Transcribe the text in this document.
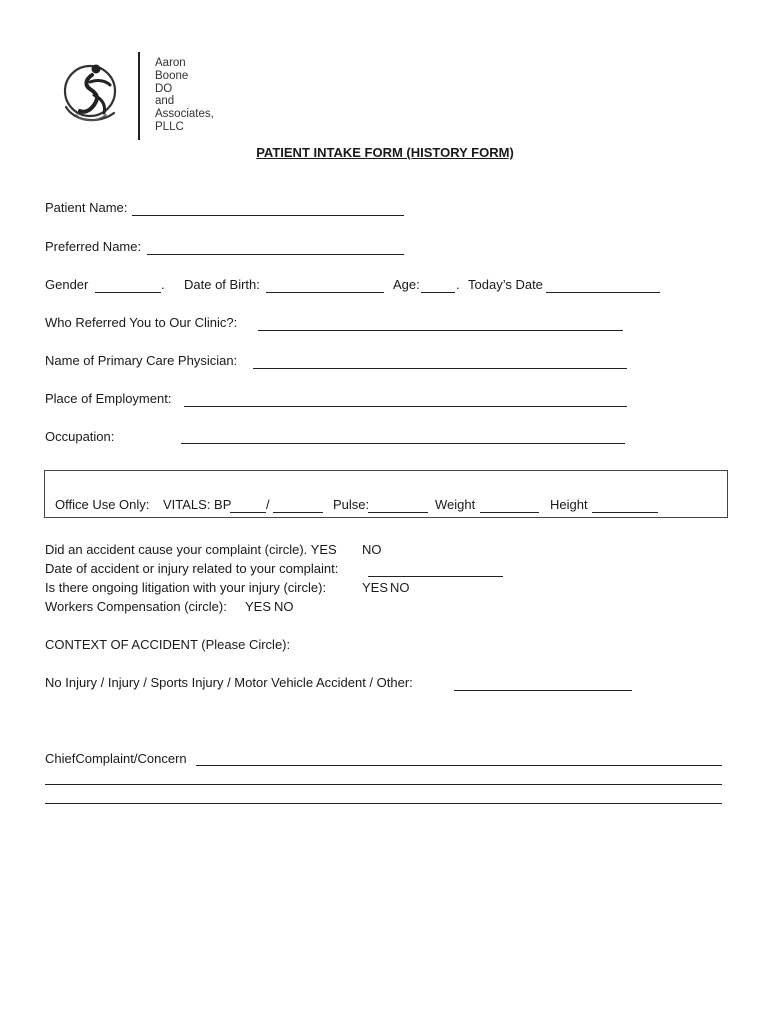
Aaron
Boone
DO
and
Associates,
PLLC
PATIENT INTAKE FORM (HISTORY FORM)
Patient Name:
Preferred Name:
Gender	. Date of Birth:	Age:	. Today’s Date
Who Referred You to Our Clinic?:
Name of Primary Care Physician:
Place of Employment:
Occupation:
Office Use Only: VITALS: BP	/	Pulse:	Weight	Height
Did an accident cause your complaint (circle). YES NO
Date of accident or injury related to your complaint:
Is there ongoing litigation with your injury (circle):	YES NO
Workers Compensation (circle): YES NO
CONTEXT OF ACCIDENT (Please Circle):
No Injury / Injury / Sports Injury / Motor Vehicle Accident / Other:
ChiefComplaint/Concern
